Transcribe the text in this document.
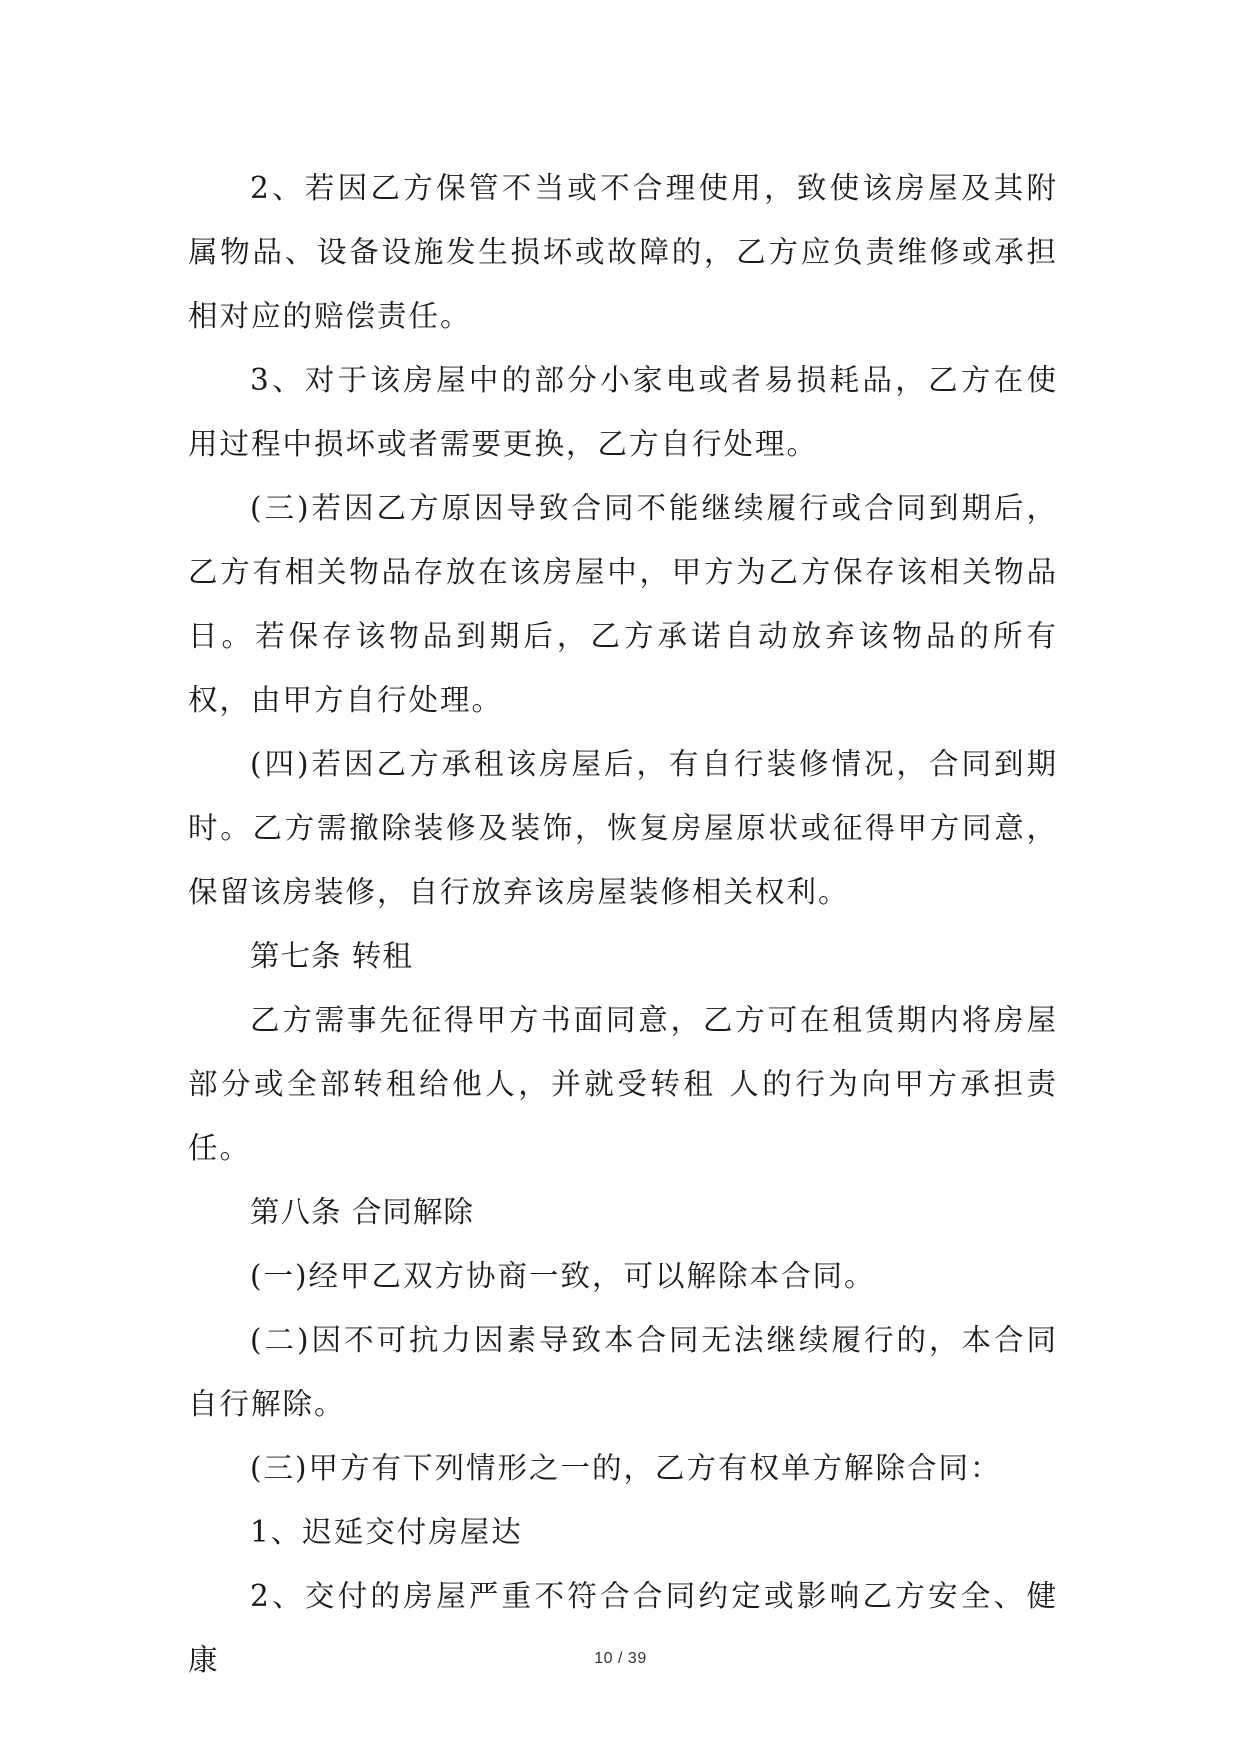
2、若因乙方保管不当或不合理使用，致使该房屋及其附属物品、设备设施发生损坏或故障的，乙方应负责维修或承担相对应的赔偿责任。

3、对于该房屋中的部分小家电或者易损耗品，乙方在使用过程中损坏或者需要更换，乙方自行处理。

(三)若因乙方原因导致合同不能继续履行或合同到期后，乙方有相关物品存放在该房屋中，甲方为乙方保存该相关物品 日。若保存该物品到期后，乙方承诺自动放弃该物品的所有权，由甲方自行处理。

(四)若因乙方承租该房屋后，有自行装修情况，合同到期时。乙方需撤除装修及装饰，恢复房屋原状或征得甲方同意，保留该房装修，自行放弃该房屋装修相关权利。

第七条 转租

乙方需事先征得甲方书面同意，乙方可在租赁期内将房屋部分或全部转租给他人，并就受转租 人的行为向甲方承担责任。

第八条 合同解除

(一)经甲乙双方协商一致，可以解除本合同。

(二)因不可抗力因素导致本合同无法继续履行的，本合同自行解除。

(三)甲方有下列情形之一的，乙方有权单方解除合同：

1、迟延交付房屋达

2、交付的房屋严重不符合合同约定或影响乙方安全、健康	10 / 39
